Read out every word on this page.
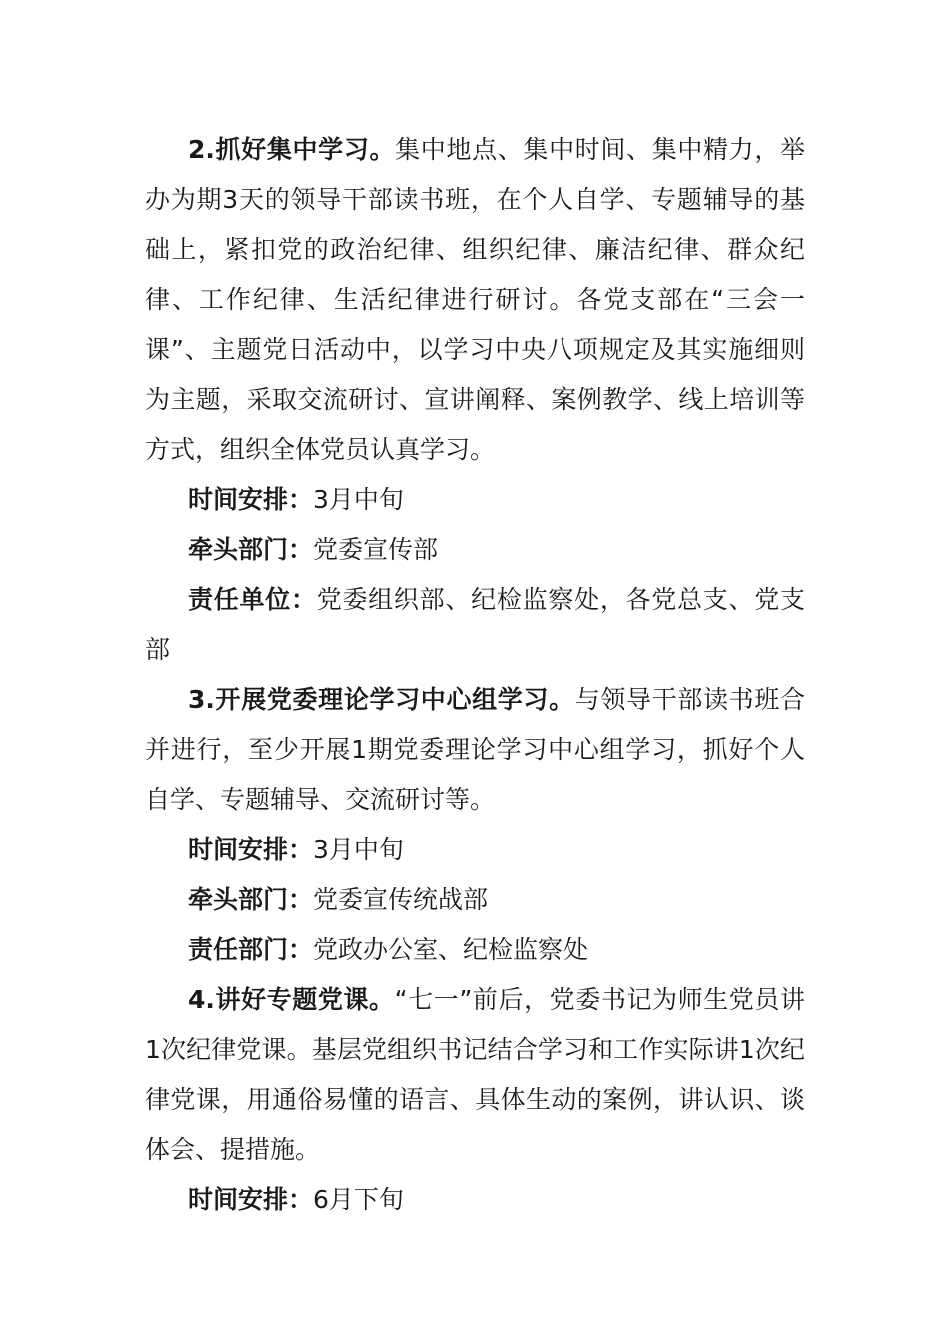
2.抓好集中学习。集中地点、集中时间、集中精力，举办为期3天的领导干部读书班，在个人自学、专题辅导的基础上，紧扣党的政治纪律、组织纪律、廉洁纪律、群众纪律、工作纪律、生活纪律进行研讨。各党支部在“三会一课”、主题党日活动中，以学习中央八项规定及其实施细则为主题，采取交流研讨、宣讲阐释、案例教学、线上培训等方式，组织全体党员认真学习。

时间安排：3月中旬

牵头部门：党委宣传部

责任单位：党委组织部、纪检监察处，各党总支、党支部

3.开展党委理论学习中心组学习。与领导干部读书班合并进行，至少开展1期党委理论学习中心组学习，抓好个人自学、专题辅导、交流研讨等。

时间安排：3月中旬

牵头部门：党委宣传统战部

责任部门：党政办公室、纪检监察处

4.讲好专题党课。“七一”前后，党委书记为师生党员讲1次纪律党课。基层党组织书记结合学习和工作实际讲1次纪律党课，用通俗易懂的语言、具体生动的案例，讲认识、谈体会、提措施。

时间安排：6月下旬
